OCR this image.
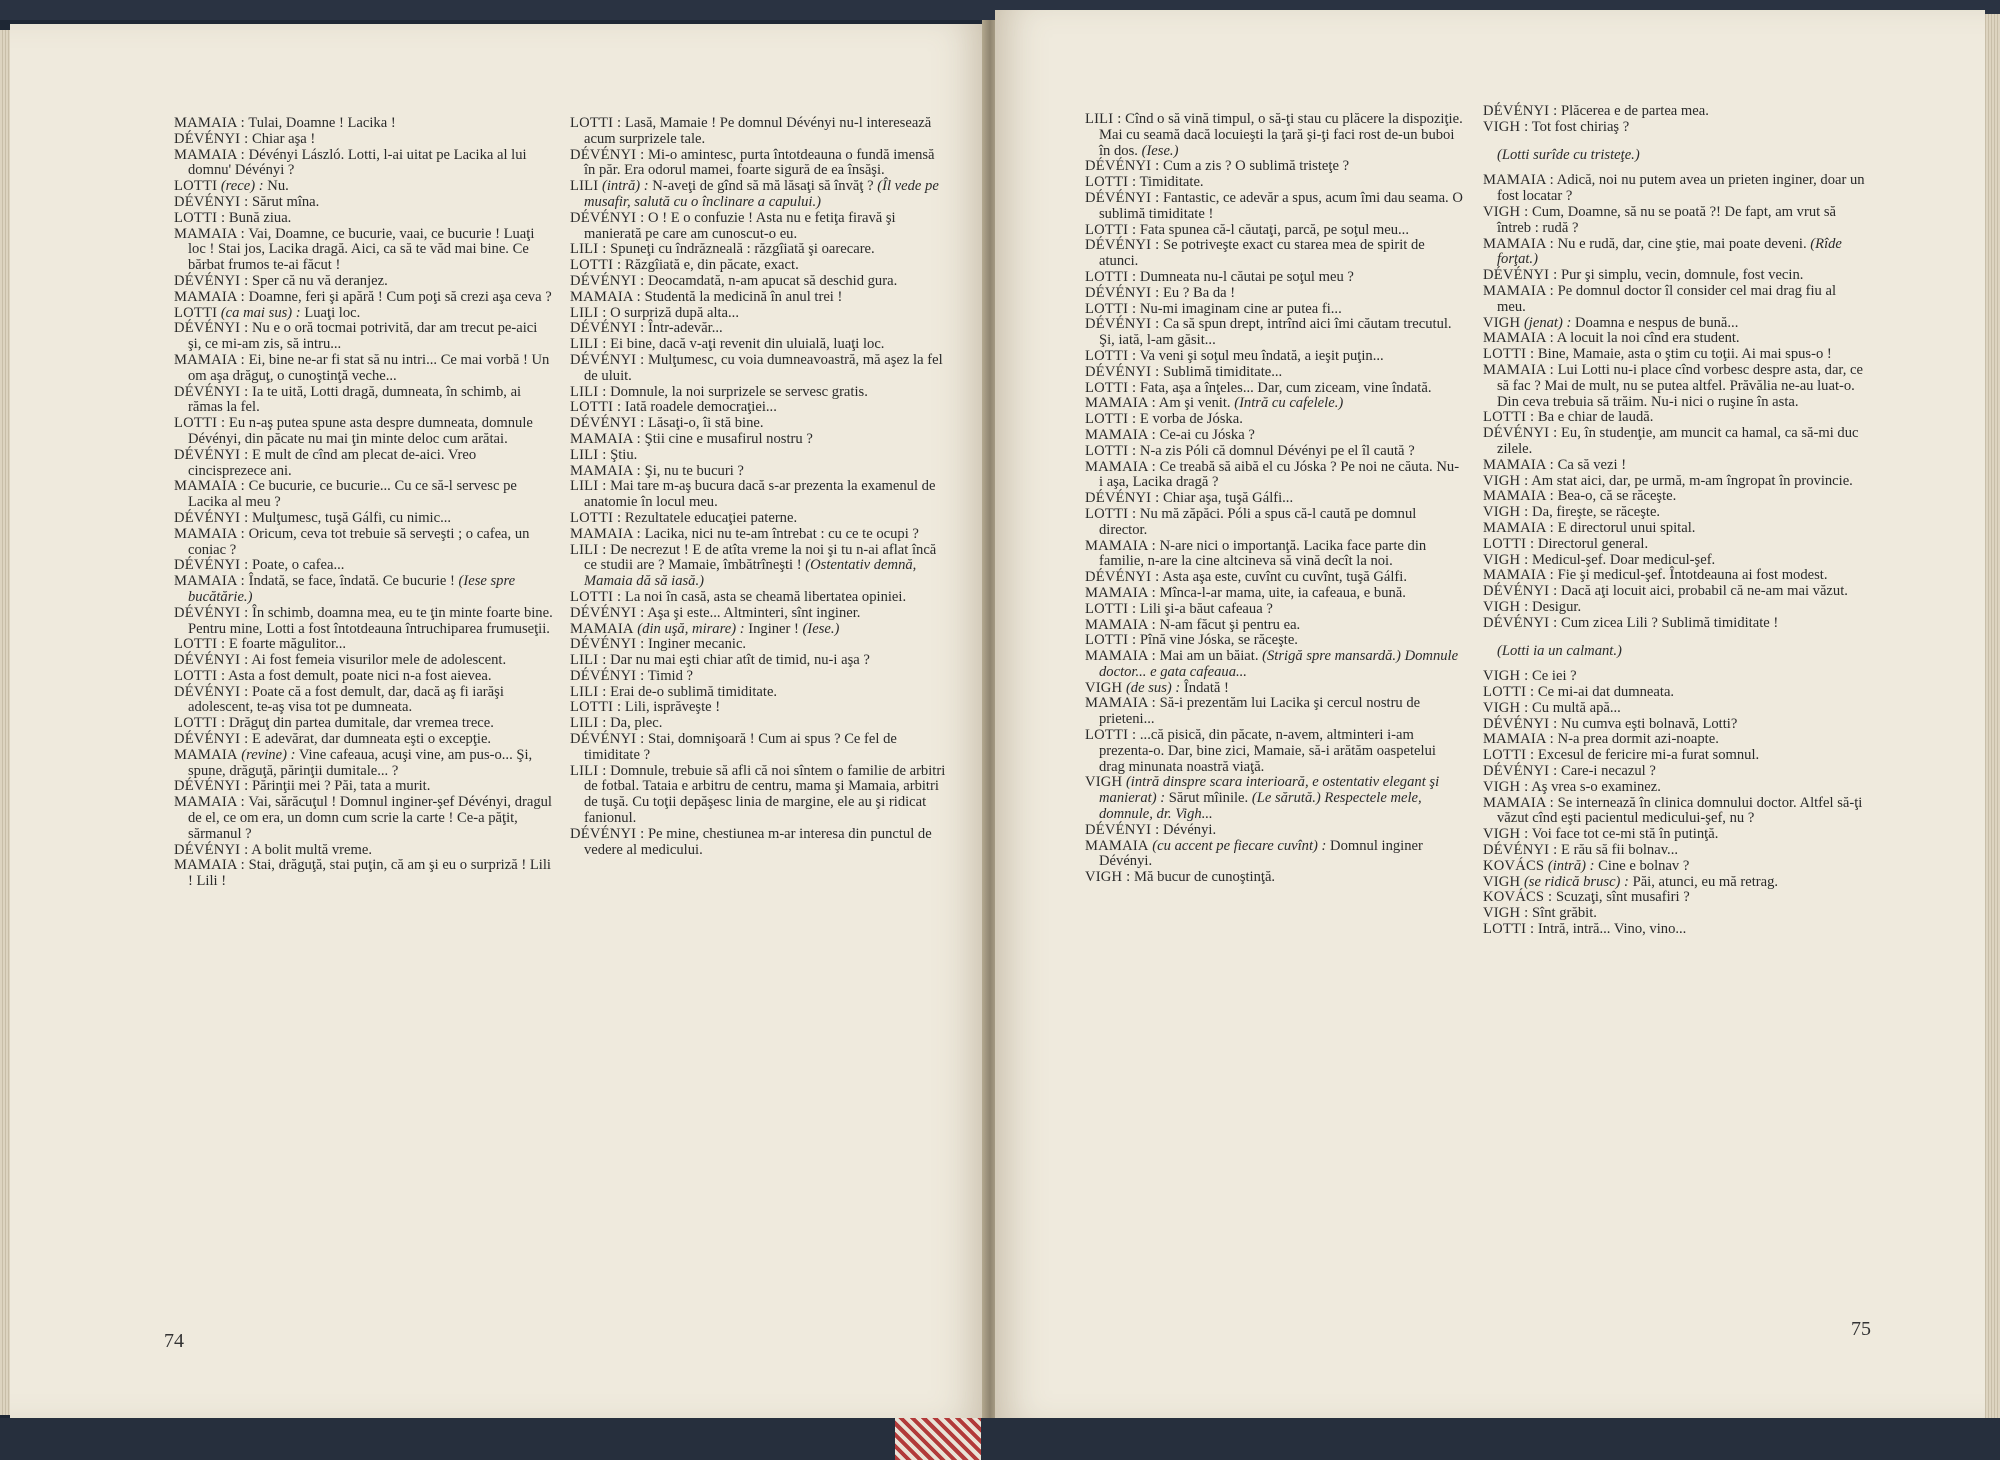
MAMAIA : Tulai, Doamne ! Lacika !

DÉVÉNYI : Chiar aşa !

MAMAIA : Dévényi László. Lotti, l-ai uitat pe Lacika al lui domnu' Dévényi ?

LOTTI (rece) : Nu.

DÉVÉNYI : Sărut mîna.

LOTTI : Bună ziua.

MAMAIA : Vai, Doamne, ce bucurie, vaai, ce bucurie ! Luaţi loc ! Stai jos, Lacika dragă. Aici, ca să te văd mai bine. Ce bărbat frumos te-ai făcut !

DÉVÉNYI : Sper că nu vă deranjez.

MAMAIA : Doamne, feri şi apără ! Cum poţi să crezi aşa ceva ?

LOTTI (ca mai sus) : Luaţi loc.

DÉVÉNYI : Nu e o oră tocmai potrivită, dar am trecut pe-aici şi, ce mi-am zis, să intru...

MAMAIA : Ei, bine ne-ar fi stat să nu intri... Ce mai vorbă ! Un om aşa drăguţ, o cunoştinţă veche...

DÉVÉNYI : Ia te uită, Lotti dragă, dumneata, în schimb, ai rămas la fel.

LOTTI : Eu n-aş putea spune asta despre dumneata, domnule Dévényi, din păcate nu mai ţin minte deloc cum arătai.

DÉVÉNYI : E mult de cînd am plecat de-aici. Vreo cincisprezece ani.

MAMAIA : Ce bucurie, ce bucurie... Cu ce să-l servesc pe Lacika al meu ?

DÉVÉNYI : Mulţumesc, tuşă Gálfi, cu nimic...

MAMAIA : Oricum, ceva tot trebuie să serveşti ; o cafea, un coniac ?

DÉVÉNYI : Poate, o cafea...

MAMAIA : Îndată, se face, îndată. Ce bucurie ! (Iese spre bucătărie.)

DÉVÉNYI : În schimb, doamna mea, eu te ţin minte foarte bine. Pentru mine, Lotti a fost întotdeauna întruchiparea frumuseţii.

LOTTI : E foarte măgulitor...

DÉVÉNYI : Ai fost femeia visurilor mele de adolescent.

LOTTI : Asta a fost demult, poate nici n-a fost aievea.

DÉVÉNYI : Poate că a fost demult, dar, dacă aş fi iarăşi adolescent, te-aş visa tot pe dumneata.

LOTTI : Drăguţ din partea dumitale, dar vremea trece.

DÉVÉNYI : E adevărat, dar dumneata eşti o excepţie.

MAMAIA (revine) : Vine cafeaua, acuşi vine, am pus-o... Şi, spune, drăguţă, părinţii dumitale... ?

DÉVÉNYI : Părinţii mei ? Păi, tata a murit.

MAMAIA : Vai, sărăcuţul ! Domnul inginer-şef Dévényi, dragul de el, ce om era, un domn cum scrie la carte ! Ce-a păţit, sărmanul ?

DÉVÉNYI : A bolit multă vreme.

MAMAIA : Stai, drăguţă, stai puţin, că am şi eu o surpriză ! Lili ! Lili !

LOTTI : Lasă, Mamaie ! Pe domnul Dévényi nu-l interesează acum surprizele tale.

DÉVÉNYI : Mi-o amintesc, purta întotdeauna o fundă imensă în păr. Era odorul mamei, foarte sigură de ea însăşi.

LILI (intră) : N-aveţi de gînd să mă lăsaţi să învăţ ? (Îl vede pe musafir, salută cu o înclinare a capului.)

DÉVÉNYI : O ! E o confuzie ! Asta nu e fetiţa firavă şi manierată pe care am cunoscut-o eu.

LILI : Spuneţi cu îndrăzneală : răzgîiată şi oarecare.

LOTTI : Răzgîiată e, din păcate, exact.

DÉVÉNYI : Deocamdată, n-am apucat să deschid gura.

MAMAIA : Studentă la medicină în anul trei !

LILI : O surpriză după alta...

DÉVÉNYI : Într-adevăr...

LILI : Ei bine, dacă v-aţi revenit din uluială, luaţi loc.

DÉVÉNYI : Mulţumesc, cu voia dumneavoastră, mă aşez la fel de uluit.

LILI : Domnule, la noi surprizele se servesc gratis.

LOTTI : Iată roadele democraţiei...

DÉVÉNYI : Lăsaţi-o, îi stă bine.

MAMAIA : Ştii cine e musafirul nostru ?

LILI : Ştiu.

MAMAIA : Şi, nu te bucuri ?

LILI : Mai tare m-aş bucura dacă s-ar prezenta la examenul de anatomie în locul meu.

LOTTI : Rezultatele educaţiei paterne.

MAMAIA : Lacika, nici nu te-am întrebat : cu ce te ocupi ?

LILI : De necrezut ! E de atîta vreme la noi şi tu n-ai aflat încă ce studii are ? Mamaie, îmbătrîneşti ! (Ostentativ demnă, Mamaia dă să iasă.)

LOTTI : La noi în casă, asta se cheamă libertatea opiniei.

DÉVÉNYI : Aşa şi este... Altminteri, sînt inginer.

MAMAIA (din uşă, mirare) : Inginer ! (Iese.)

DÉVÉNYI : Inginer mecanic.

LILI : Dar nu mai eşti chiar atît de timid, nu-i aşa ?

DÉVÉNYI : Timid ?

LILI : Erai de-o sublimă timiditate.

LOTTI : Lili, isprăveşte !

LILI : Da, plec.

DÉVÉNYI : Stai, domnişoară ! Cum ai spus ? Ce fel de timiditate ?

LILI : Domnule, trebuie să afli că noi sîntem o familie de arbitri de fotbal. Tataia e arbitru de centru, mama şi Mamaia, arbitri de tuşă. Cu toţii depăşesc linia de margine, ele au şi ridicat fanionul.

DÉVÉNYI : Pe mine, chestiunea m-ar interesa din punctul de vedere al medicului.

74

LILI : Cînd o să vină timpul, o să-ţi stau cu plăcere la dispoziţie. Mai cu seamă dacă locuieşti la ţară şi-ţi faci rost de-un buboi în dos. (Iese.)

DÉVÉNYI : Cum a zis ? O sublimă tristeţe ?

LOTTI : Timiditate.

DÉVÉNYI : Fantastic, ce adevăr a spus, acum îmi dau seama. O sublimă timiditate !

LOTTI : Fata spunea că-l căutaţi, parcă, pe soţul meu...

DÉVÉNYI : Se potriveşte exact cu starea mea de spirit de atunci.

LOTTI : Dumneata nu-l căutai pe soţul meu ?

DÉVÉNYI : Eu ? Ba da !

LOTTI : Nu-mi imaginam cine ar putea fi...

DÉVÉNYI : Ca să spun drept, intrînd aici îmi căutam trecutul. Şi, iată, l-am găsit...

LOTTI : Va veni şi soţul meu îndată, a ieşit puţin...

DÉVÉNYI : Sublimă timiditate...

LOTTI : Fata, aşa a înţeles... Dar, cum ziceam, vine îndată.

MAMAIA : Am şi venit. (Intră cu cafelele.)

LOTTI : E vorba de Jóska.

MAMAIA : Ce-ai cu Jóska ?

LOTTI : N-a zis Póli că domnul Dévényi pe el îl caută ?

MAMAIA : Ce treabă să aibă el cu Jóska ? Pe noi ne căuta. Nu-i aşa, Lacika dragă ?

DÉVÉNYI : Chiar aşa, tuşă Gálfi...

LOTTI : Nu mă zăpăci. Póli a spus că-l caută pe domnul director.

MAMAIA : N-are nici o importanţă. Lacika face parte din familie, n-are la cine altcineva să vină decît la noi.

DÉVÉNYI : Asta aşa este, cuvînt cu cuvînt, tuşă Gálfi.

MAMAIA : Mînca-l-ar mama, uite, ia cafeaua, e bună.

LOTTI : Lili şi-a băut cafeaua ?

MAMAIA : N-am făcut şi pentru ea.

LOTTI : Pînă vine Jóska, se răceşte.

MAMAIA : Mai am un băiat. (Strigă spre mansardă.) Domnule doctor... e gata cafeaua...

VIGH (de sus) : Îndată !

MAMAIA : Să-i prezentăm lui Lacika şi cercul nostru de prieteni...

LOTTI : ...că pisică, din păcate, n-avem, altminteri i-am prezenta-o. Dar, bine zici, Mamaie, să-i arătăm oaspetelui drag minunata noastră viaţă.

VIGH (intră dinspre scara interioară, e ostentativ elegant şi manierat) : Sărut mîinile. (Le sărută.) Respectele mele, domnule, dr. Vigh...

DÉVÉNYI : Dévényi.

MAMAIA (cu accent pe fiecare cuvînt) : Domnul inginer Dévényi.

VIGH : Mă bucur de cunoştinţă.

DÉVÉNYI : Plăcerea e de partea mea.

VIGH : Tot fost chiriaş ?

(Lotti surîde cu tristeţe.)

MAMAIA : Adică, noi nu putem avea un prieten inginer, doar un fost locatar ?

VIGH : Cum, Doamne, să nu se poată ?! De fapt, am vrut să întreb : rudă ?

MAMAIA : Nu e rudă, dar, cine ştie, mai poate deveni. (Rîde forţat.)

DÉVÉNYI : Pur şi simplu, vecin, domnule, fost vecin.

MAMAIA : Pe domnul doctor îl consider cel mai drag fiu al meu.

VIGH (jenat) : Doamna e nespus de bună...

MAMAIA : A locuit la noi cînd era student.

LOTTI : Bine, Mamaie, asta o ştim cu toţii. Ai mai spus-o !

MAMAIA : Lui Lotti nu-i place cînd vorbesc despre asta, dar, ce să fac ? Mai de mult, nu se putea altfel. Prăvălia ne-au luat-o. Din ceva trebuia să trăim. Nu-i nici o ruşine în asta.

LOTTI : Ba e chiar de laudă.

DÉVÉNYI : Eu, în studenţie, am muncit ca hamal, ca să-mi duc zilele.

MAMAIA : Ca să vezi !

VIGH : Am stat aici, dar, pe urmă, m-am îngropat în provincie.

MAMAIA : Bea-o, că se răceşte.

VIGH : Da, fireşte, se răceşte.

MAMAIA : E directorul unui spital.

LOTTI : Directorul general.

VIGH : Medicul-şef. Doar medicul-şef.

MAMAIA : Fie şi medicul-şef. Întotdeauna ai fost modest.

DÉVÉNYI : Dacă aţi locuit aici, probabil că ne-am mai văzut.

VIGH : Desigur.

DÉVÉNYI : Cum zicea Lili ? Sublimă timiditate !

(Lotti ia un calmant.)

VIGH : Ce iei ?

LOTTI : Ce mi-ai dat dumneata.

VIGH : Cu multă apă...

DÉVÉNYI : Nu cumva eşti bolnavă, Lotti?

MAMAIA : N-a prea dormit azi-noapte.

LOTTI : Excesul de fericire mi-a furat somnul.

DÉVÉNYI : Care-i necazul ?

VIGH : Aş vrea s-o examinez.

MAMAIA : Se internează în clinica domnului doctor. Altfel să-ţi văzut cînd eşti pacientul medicului-şef, nu ?

VIGH : Voi face tot ce-mi stă în putinţă.

DÉVÉNYI : E rău să fii bolnav...

KOVÁCS (intră) : Cine e bolnav ?

VIGH (se ridică brusc) : Păi, atunci, eu mă retrag.

KOVÁCS : Scuzaţi, sînt musafiri ?

VIGH : Sînt grăbit.

LOTTI : Intră, intră... Vino, vino...

75
